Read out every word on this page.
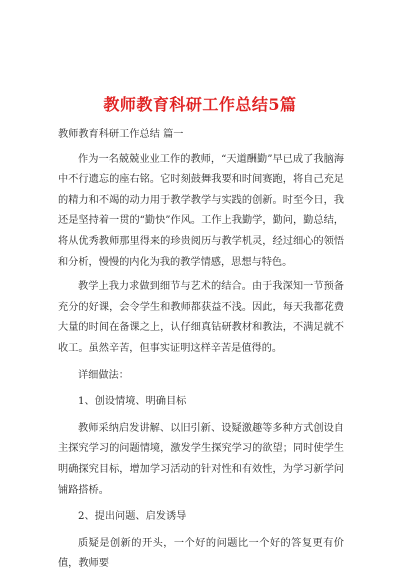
教师教育科研工作总结5篇

教师教育科研工作总结 篇一

作为一名兢兢业业工作的教师，“天道酬勤”早已成了我脑海中不行遗忘的座右铭。它时刻鼓舞我要和时间赛跑，将自己充足的精力和不竭的动力用于教学教学与实践的创新。时至今日，我还是坚持着一贯的“勤快”作风。工作上我勤学，勤问，勤总结，将从优秀教师那里得来的珍贵阅历与教学机灵，经过细心的领悟和分析，慢慢的内化为我的教学情感，思想与特色。

教学上我力求做到细节与艺术的结合。由于我深知一节预备充分的好课，会令学生和教师都获益不浅。因此，每天我都花费大量的时间在备课之上，认仔细真钻研教材和教法，不满足就不收工。虽然辛苦，但事实证明这样辛苦是值得的。

详细做法：

1、创设情境、明确目标

教师采纳启发讲解、以旧引新、设疑激趣等多种方式创设自主探究学习的问题情境，激发学生探究学习的欲望；同时使学生明确探究目标，增加学习活动的针对性和有效性，为学习新学问铺路搭桥。

2、提出问题、启发诱导

质疑是创新的开头，一个好的问题比一个好的答复更有价值，教师要
